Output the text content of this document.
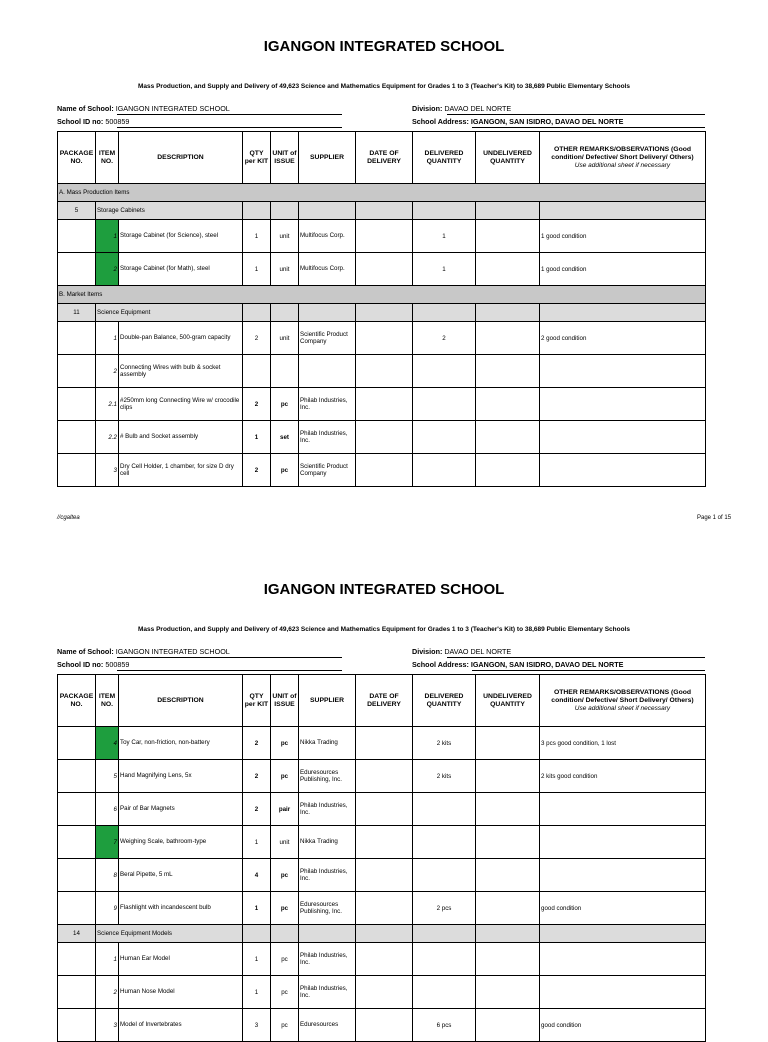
IGANGON INTEGRATED SCHOOL
Mass Production, and Supply and Delivery of 49,623 Science and Mathematics Equipment for Grades 1 to 3 (Teacher's Kit) to 38,689 Public Elementary Schools
Name of School: IGANGON INTEGRATED SCHOOL
School ID no: 500859
Division: DAVAO DEL NORTE
School Address: IGANGON, SAN ISIDRO, DAVAO DEL NORTE
PACKAGE NO.	ITEM NO.	DESCRIPTION	QTY per KIT	UNIT of ISSUE	SUPPLIER	DATE OF DELIVERY	DELIVERED QUANTITY	UNDELIVERED QUANTITY	OTHER REMARKS/OBSERVATIONS (Good condition/ Defective/ Short Delivery/ Others)
Use additional sheet if necessary

A. Mass Production Items									
5	Storage Cabinets								
	1	Storage Cabinet (for Science), steel	1	unit	Multifocus Corp.		1		1 good condition
	2	Storage Cabinet (for Math), steel	1	unit	Multifocus Corp.		1		1 good condition
B. Market Items									
11	Science Equipment								
	1	Double-pan Balance, 500-gram capacity	2	unit	Scientific Product Company		2		2 good condition
	2	Connecting Wires with bulb & socket assembly							
	2.1	#250mm long Connecting Wire w/ crocodile clips	2	pc	Philab Industries, Inc.				
	2.2	# Bulb and Socket assembly	1	set	Philab Industries, Inc.				
	3	Dry Cell Holder, 1 chamber, for size D dry cell	2	pc	Scientific Product Company				
//cgaltea	Page 1 of 15
IGANGON INTEGRATED SCHOOL
Mass Production, and Supply and Delivery of 49,623 Science and Mathematics Equipment for Grades 1 to 3 (Teacher's Kit) to 38,689 Public Elementary Schools
Name of School: IGANGON INTEGRATED SCHOOL
School ID no: 500859
Division: DAVAO DEL NORTE
School Address: IGANGON, SAN ISIDRO, DAVAO DEL NORTE
PACKAGE NO.	ITEM NO.	DESCRIPTION	QTY per KIT	UNIT of ISSUE	SUPPLIER	DATE OF DELIVERY	DELIVERED QUANTITY	UNDELIVERED QUANTITY	OTHER REMARKS/OBSERVATIONS (Good condition/ Defective/ Short Delivery/ Others)
Use additional sheet if necessary

	4	Toy Car, non-friction, non-battery	2	pc	Nikka Trading		2 kits		3 pcs good condition, 1 lost
	5	Hand Magnifying Lens, 5x	2	pc	Eduresources Publishing, Inc.		2 kits		2 kits good condition
	6	Pair of Bar Magnets	2	pair	Philab Industries, Inc.				
	7	Weighing Scale, bathroom-type	1	unit	Nikka Trading				
	8	Beral Pipette, 5 mL	4	pc	Philab Industries, Inc.				
	9	Flashlight with incandescent bulb	1	pc	Eduresources Publishing, Inc.		2 pcs		good condition
14	Science Equipment Models								
	1	Human Ear Model	1	pc	Philab Industries, Inc.				
	2	Human Nose Model	1	pc	Philab Industries, Inc.				
	3	Model of Invertebrates	3	pc	Eduresources		6 pcs		good condition
